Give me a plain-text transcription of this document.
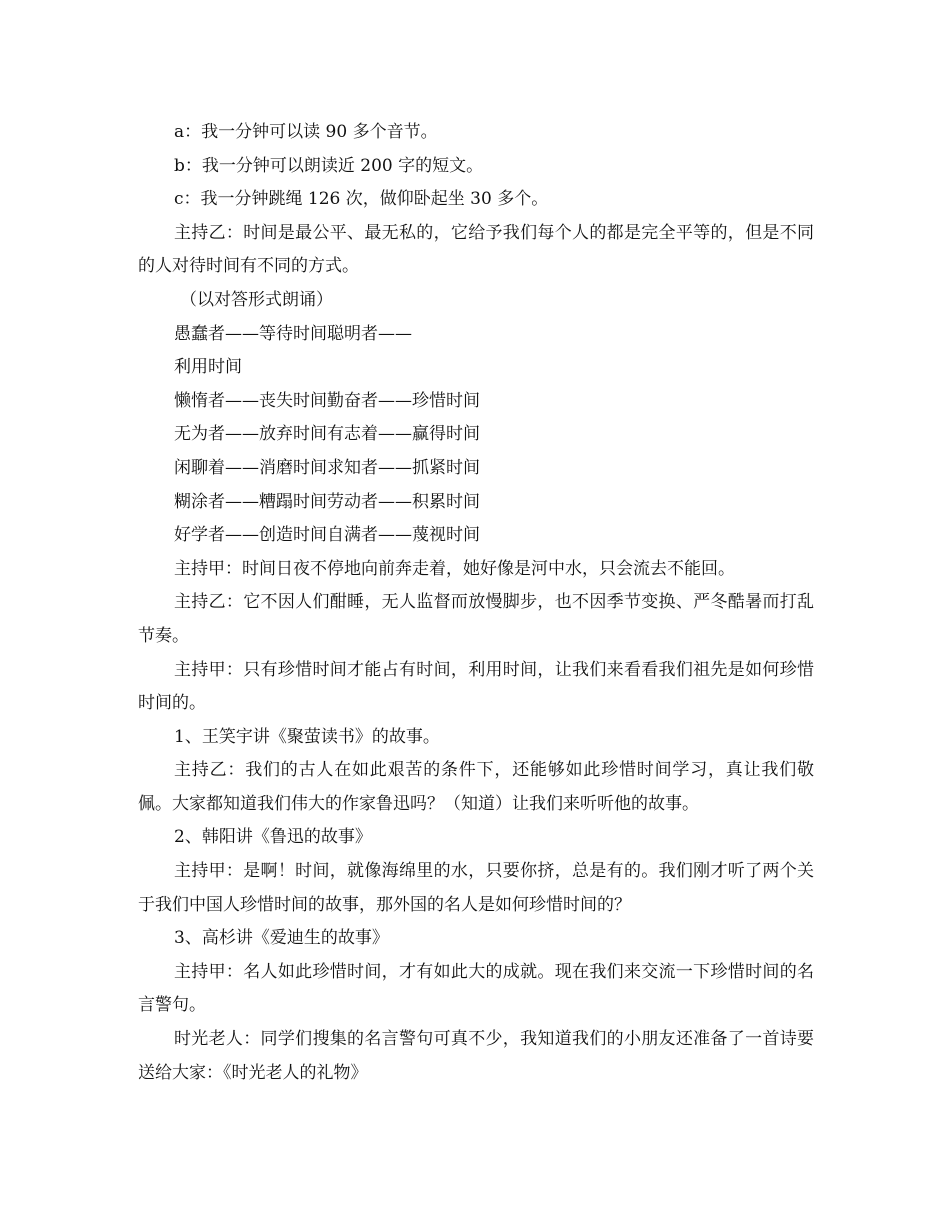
a：我一分钟可以读 90 多个音节。

b：我一分钟可以朗读近 200 字的短文。

c：我一分钟跳绳 126 次，做仰卧起坐 30 多个。

主持乙：时间是最公平、最无私的，它给予我们每个人的都是完全平等的，但是不同的人对待时间有不同的方式。

（以对答形式朗诵）

愚蠢者——等待时间聪明者——

利用时间

懒惰者——丧失时间勤奋者——珍惜时间

无为者——放弃时间有志着——赢得时间

闲聊着——消磨时间求知者——抓紧时间

糊涂者——糟蹋时间劳动者——积累时间

好学者——创造时间自满者——蔑视时间

主持甲：时间日夜不停地向前奔走着，她好像是河中水，只会流去不能回。

主持乙：它不因人们酣睡，无人监督而放慢脚步，也不因季节变换、严冬酷暑而打乱节奏。

主持甲：只有珍惜时间才能占有时间，利用时间，让我们来看看我们祖先是如何珍惜时间的。

1、王笑宇讲《聚萤读书》的故事。

主持乙：我们的古人在如此艰苦的条件下，还能够如此珍惜时间学习，真让我们敬佩。大家都知道我们伟大的作家鲁迅吗？（知道）让我们来听听他的故事。

2、韩阳讲《鲁迅的故事》

主持甲：是啊！时间，就像海绵里的水，只要你挤，总是有的。我们刚才听了两个关于我们中国人珍惜时间的故事，那外国的名人是如何珍惜时间的？

3、高杉讲《爱迪生的故事》

主持甲：名人如此珍惜时间，才有如此大的成就。现在我们来交流一下珍惜时间的名言警句。

时光老人：同学们搜集的名言警句可真不少，我知道我们的小朋友还准备了一首诗要送给大家：《时光老人的礼物》
